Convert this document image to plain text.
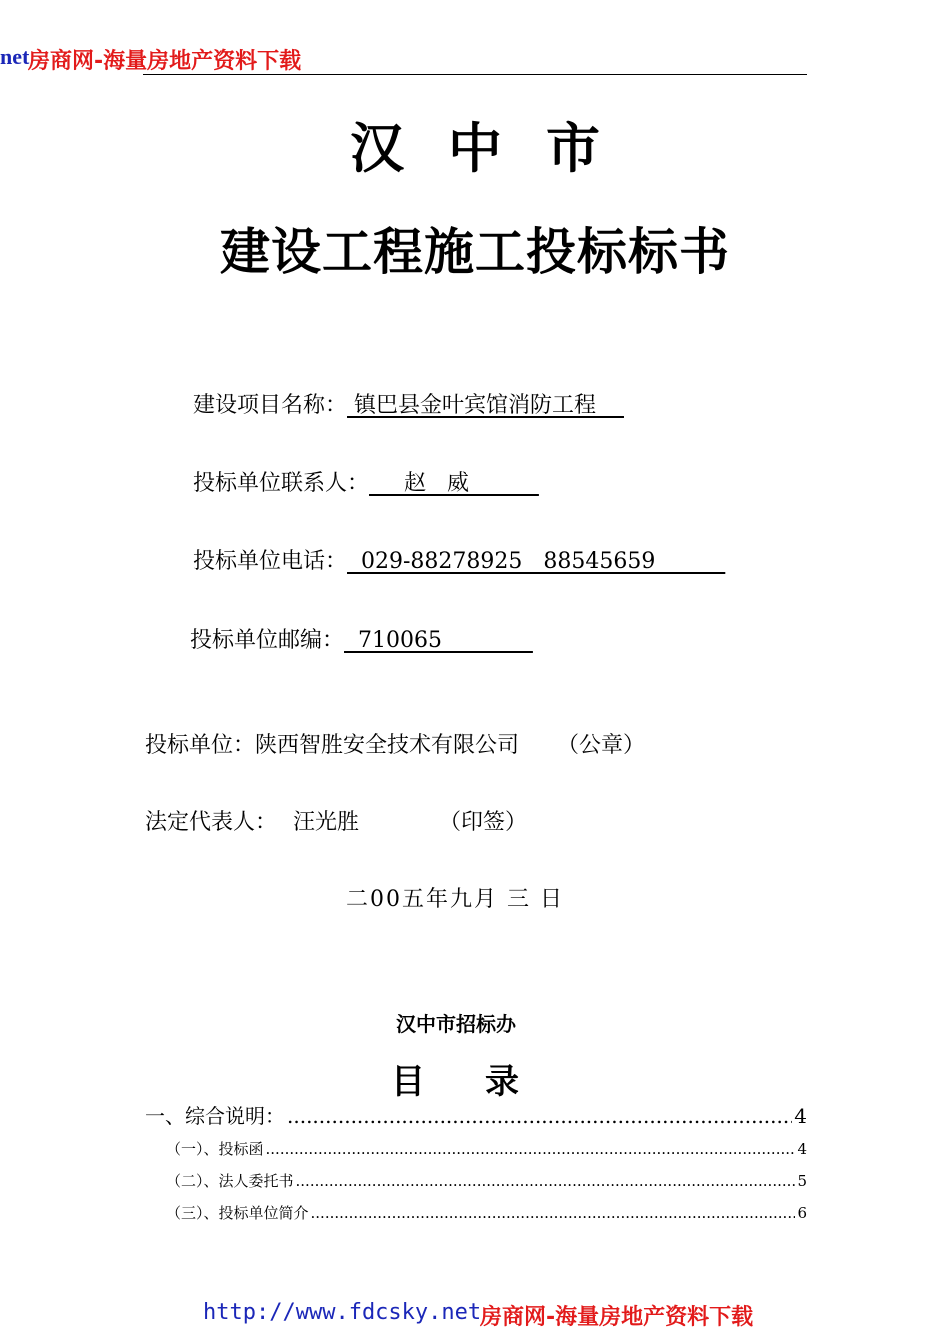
net
房商网-海量房地产资料下载
汉中市
建设工程施工投标标书
建设项目名称： 镇巴县金叶宾馆消防工程
投标单位联系人：     赵   威
投标单位电话：  029-88278925   88545659
投标单位邮编：  710065
投标单位：陕西智胜安全技术有限公司 （公章）
法定代表人： 汪光胜	（印签）
二00五年九月 三 日
汉中市招标办
目录
一、综合说明： .....	4
（一）、投标函 .....	4
（二）、法人委托书 .....	5
（三）、投标单位简介 .....	6
http://www.fdcsky.net
房商网-海量房地产资料下载
